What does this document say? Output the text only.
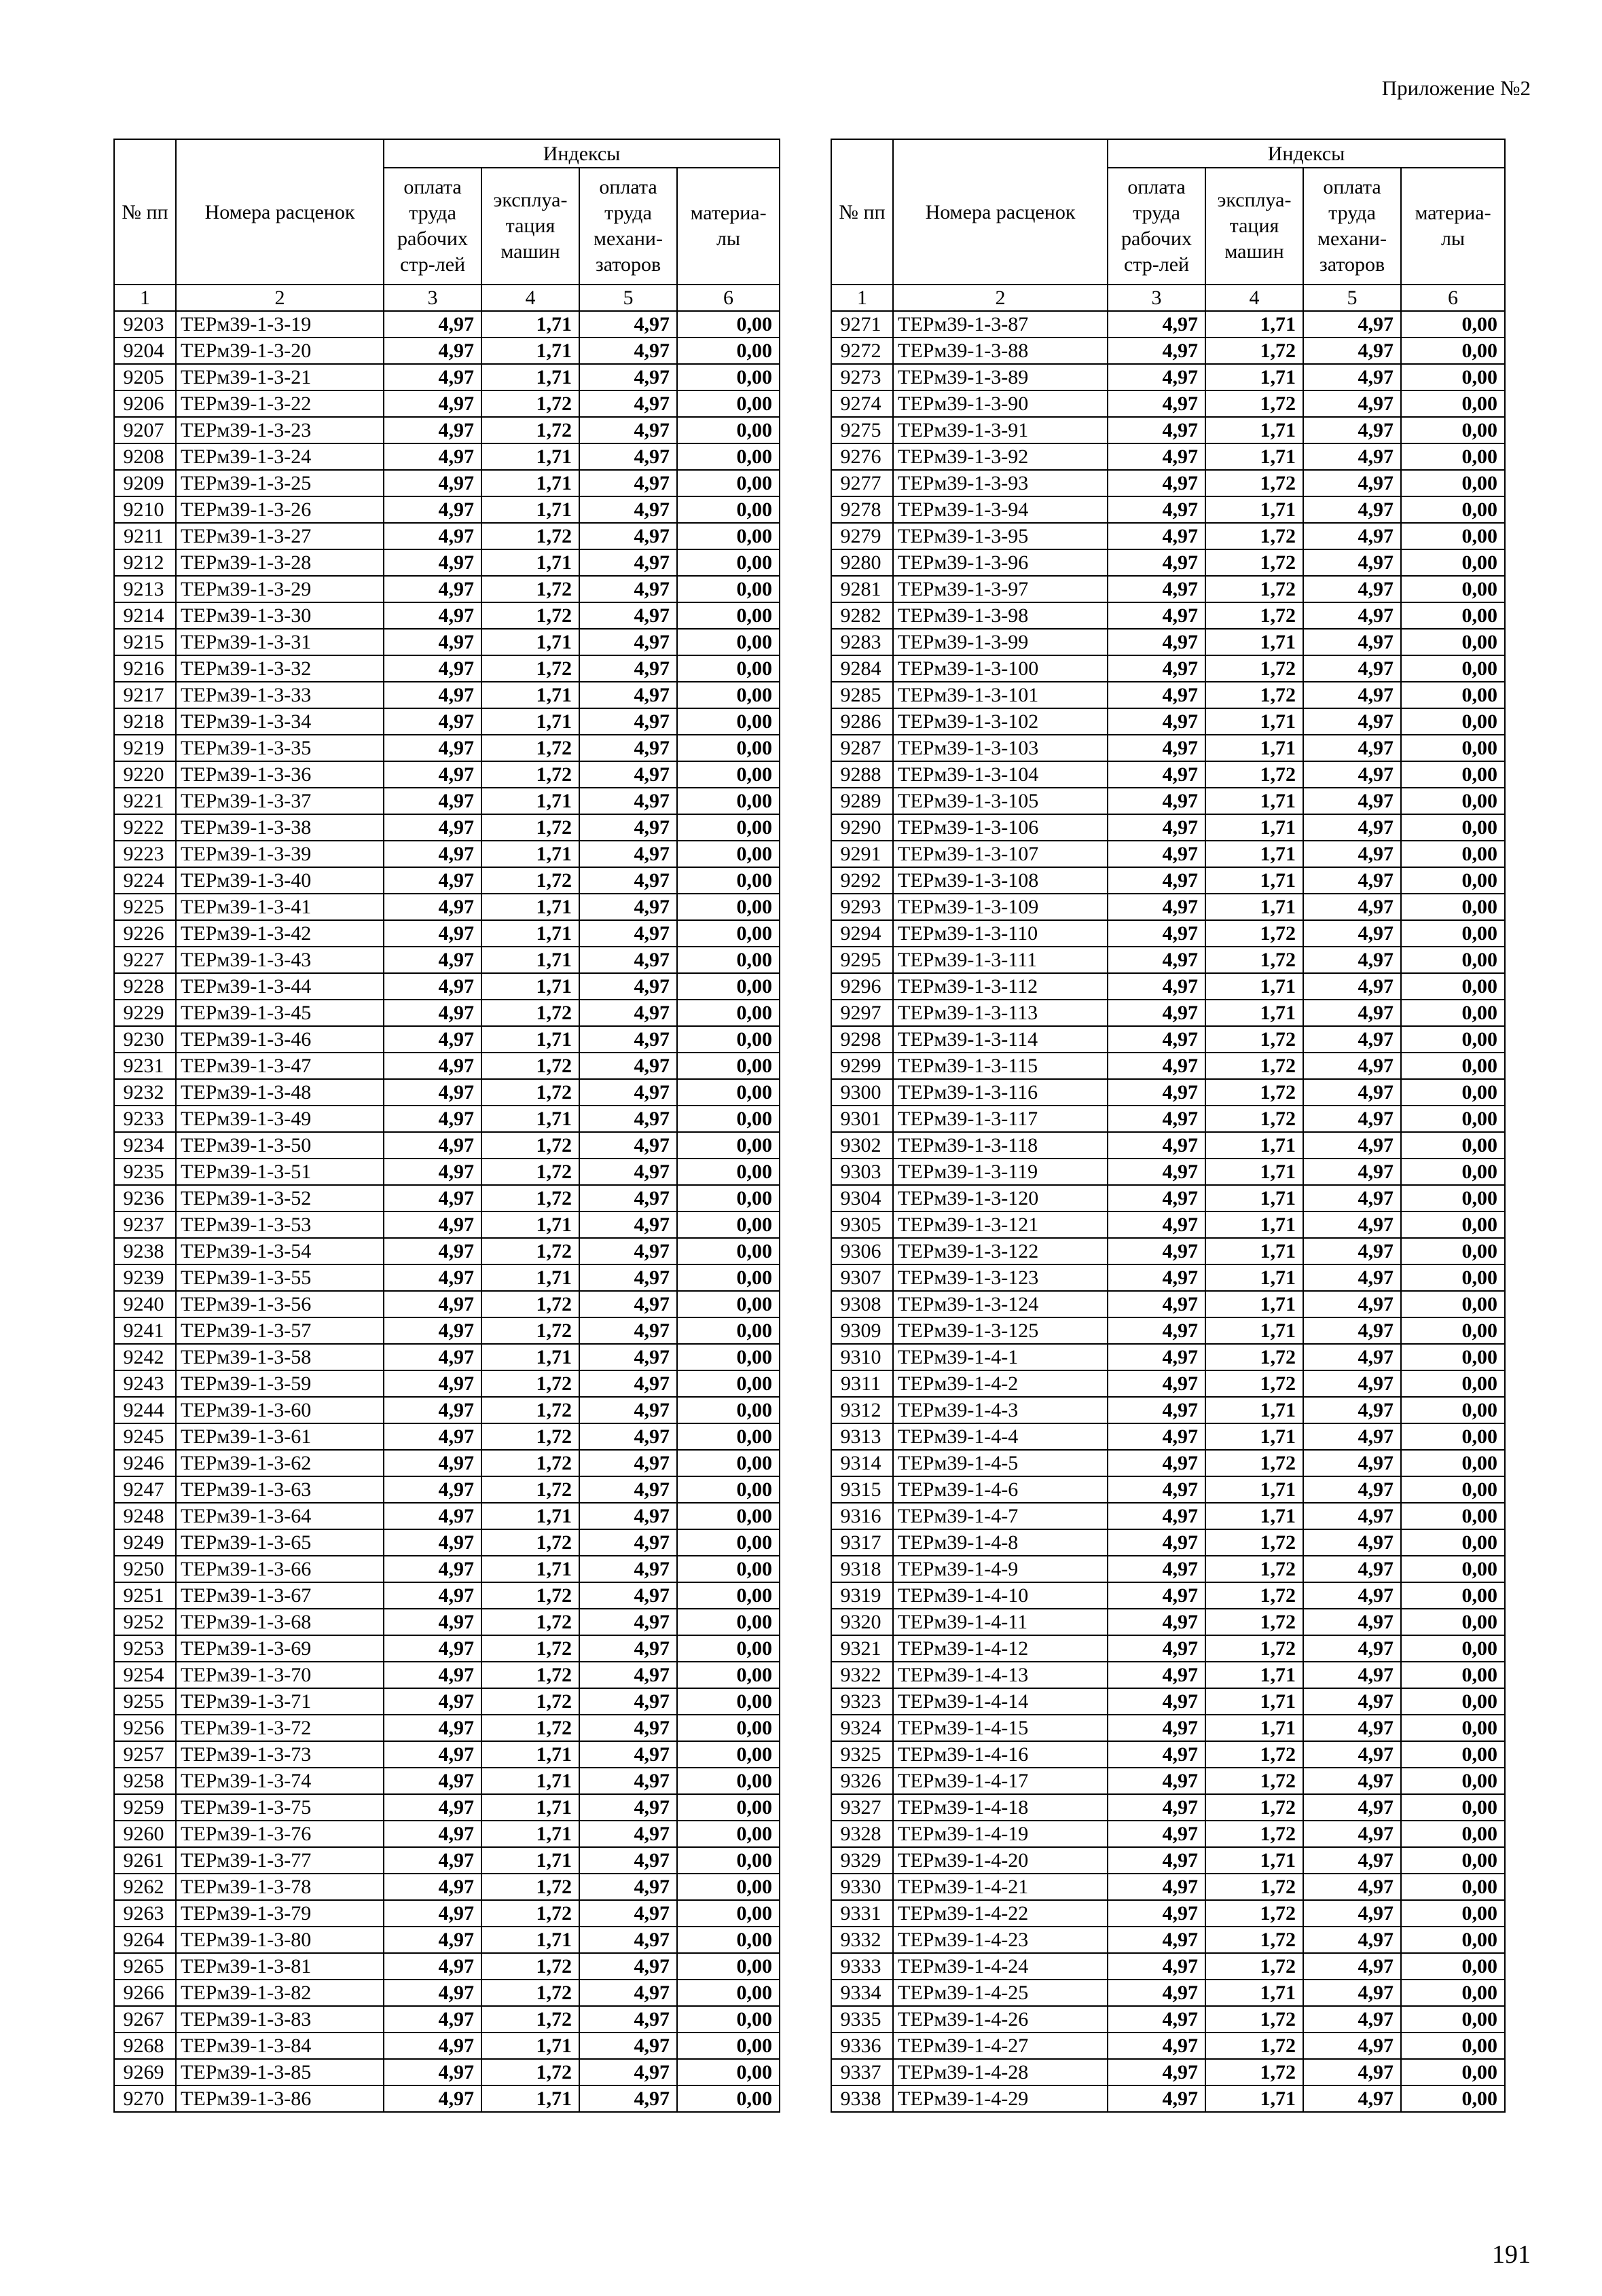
Приложение №2
№ пп	Номера расценок	Индексы			
		оплата труда рабочих стр-лей	эксплуа-тация машин	оплата труда механи-заторов	материа-лы
1	2	3	4	5	6
9203	ТЕРм39-1-3-19	4,97	1,71	4,97	0,00
9204	ТЕРм39-1-3-20	4,97	1,71	4,97	0,00
9205	ТЕРм39-1-3-21	4,97	1,71	4,97	0,00
9206	ТЕРм39-1-3-22	4,97	1,72	4,97	0,00
9207	ТЕРм39-1-3-23	4,97	1,72	4,97	0,00
9208	ТЕРм39-1-3-24	4,97	1,71	4,97	0,00
9209	ТЕРм39-1-3-25	4,97	1,71	4,97	0,00
9210	ТЕРм39-1-3-26	4,97	1,71	4,97	0,00
9211	ТЕРм39-1-3-27	4,97	1,72	4,97	0,00
9212	ТЕРм39-1-3-28	4,97	1,71	4,97	0,00
9213	ТЕРм39-1-3-29	4,97	1,72	4,97	0,00
9214	ТЕРм39-1-3-30	4,97	1,72	4,97	0,00
9215	ТЕРм39-1-3-31	4,97	1,71	4,97	0,00
9216	ТЕРм39-1-3-32	4,97	1,72	4,97	0,00
9217	ТЕРм39-1-3-33	4,97	1,71	4,97	0,00
9218	ТЕРм39-1-3-34	4,97	1,71	4,97	0,00
9219	ТЕРм39-1-3-35	4,97	1,72	4,97	0,00
9220	ТЕРм39-1-3-36	4,97	1,72	4,97	0,00
9221	ТЕРм39-1-3-37	4,97	1,71	4,97	0,00
9222	ТЕРм39-1-3-38	4,97	1,72	4,97	0,00
9223	ТЕРм39-1-3-39	4,97	1,71	4,97	0,00
9224	ТЕРм39-1-3-40	4,97	1,72	4,97	0,00
9225	ТЕРм39-1-3-41	4,97	1,71	4,97	0,00
9226	ТЕРм39-1-3-42	4,97	1,71	4,97	0,00
9227	ТЕРм39-1-3-43	4,97	1,71	4,97	0,00
9228	ТЕРм39-1-3-44	4,97	1,71	4,97	0,00
9229	ТЕРм39-1-3-45	4,97	1,72	4,97	0,00
9230	ТЕРм39-1-3-46	4,97	1,71	4,97	0,00
9231	ТЕРм39-1-3-47	4,97	1,72	4,97	0,00
9232	ТЕРм39-1-3-48	4,97	1,72	4,97	0,00
9233	ТЕРм39-1-3-49	4,97	1,71	4,97	0,00
9234	ТЕРм39-1-3-50	4,97	1,72	4,97	0,00
9235	ТЕРм39-1-3-51	4,97	1,72	4,97	0,00
9236	ТЕРм39-1-3-52	4,97	1,72	4,97	0,00
9237	ТЕРм39-1-3-53	4,97	1,71	4,97	0,00
9238	ТЕРм39-1-3-54	4,97	1,72	4,97	0,00
9239	ТЕРм39-1-3-55	4,97	1,71	4,97	0,00
9240	ТЕРм39-1-3-56	4,97	1,72	4,97	0,00
9241	ТЕРм39-1-3-57	4,97	1,72	4,97	0,00
9242	ТЕРм39-1-3-58	4,97	1,71	4,97	0,00
9243	ТЕРм39-1-3-59	4,97	1,72	4,97	0,00
9244	ТЕРм39-1-3-60	4,97	1,72	4,97	0,00
9245	ТЕРм39-1-3-61	4,97	1,72	4,97	0,00
9246	ТЕРм39-1-3-62	4,97	1,72	4,97	0,00
9247	ТЕРм39-1-3-63	4,97	1,72	4,97	0,00
9248	ТЕРм39-1-3-64	4,97	1,71	4,97	0,00
9249	ТЕРм39-1-3-65	4,97	1,72	4,97	0,00
9250	ТЕРм39-1-3-66	4,97	1,71	4,97	0,00
9251	ТЕРм39-1-3-67	4,97	1,72	4,97	0,00
9252	ТЕРм39-1-3-68	4,97	1,72	4,97	0,00
9253	ТЕРм39-1-3-69	4,97	1,72	4,97	0,00
9254	ТЕРм39-1-3-70	4,97	1,72	4,97	0,00
9255	ТЕРм39-1-3-71	4,97	1,72	4,97	0,00
9256	ТЕРм39-1-3-72	4,97	1,72	4,97	0,00
9257	ТЕРм39-1-3-73	4,97	1,71	4,97	0,00
9258	ТЕРм39-1-3-74	4,97	1,71	4,97	0,00
9259	ТЕРм39-1-3-75	4,97	1,71	4,97	0,00
9260	ТЕРм39-1-3-76	4,97	1,71	4,97	0,00
9261	ТЕРм39-1-3-77	4,97	1,71	4,97	0,00
9262	ТЕРм39-1-3-78	4,97	1,72	4,97	0,00
9263	ТЕРм39-1-3-79	4,97	1,72	4,97	0,00
9264	ТЕРм39-1-3-80	4,97	1,71	4,97	0,00
9265	ТЕРм39-1-3-81	4,97	1,72	4,97	0,00
9266	ТЕРм39-1-3-82	4,97	1,72	4,97	0,00
9267	ТЕРм39-1-3-83	4,97	1,72	4,97	0,00
9268	ТЕРм39-1-3-84	4,97	1,71	4,97	0,00
9269	ТЕРм39-1-3-85	4,97	1,72	4,97	0,00
9270	ТЕРм39-1-3-86	4,97	1,71	4,97	0,00
№ пп	Номера расценок	Индексы			
		оплата труда рабочих стр-лей	эксплуа-тация машин	оплата труда механи-заторов	материа-лы
1	2	3	4	5	6
9271	ТЕРм39-1-3-87	4,97	1,71	4,97	0,00
9272	ТЕРм39-1-3-88	4,97	1,72	4,97	0,00
9273	ТЕРм39-1-3-89	4,97	1,71	4,97	0,00
9274	ТЕРм39-1-3-90	4,97	1,72	4,97	0,00
9275	ТЕРм39-1-3-91	4,97	1,71	4,97	0,00
9276	ТЕРм39-1-3-92	4,97	1,71	4,97	0,00
9277	ТЕРм39-1-3-93	4,97	1,72	4,97	0,00
9278	ТЕРм39-1-3-94	4,97	1,71	4,97	0,00
9279	ТЕРм39-1-3-95	4,97	1,72	4,97	0,00
9280	ТЕРм39-1-3-96	4,97	1,72	4,97	0,00
9281	ТЕРм39-1-3-97	4,97	1,72	4,97	0,00
9282	ТЕРм39-1-3-98	4,97	1,72	4,97	0,00
9283	ТЕРм39-1-3-99	4,97	1,71	4,97	0,00
9284	ТЕРм39-1-3-100	4,97	1,72	4,97	0,00
9285	ТЕРм39-1-3-101	4,97	1,72	4,97	0,00
9286	ТЕРм39-1-3-102	4,97	1,71	4,97	0,00
9287	ТЕРм39-1-3-103	4,97	1,71	4,97	0,00
9288	ТЕРм39-1-3-104	4,97	1,72	4,97	0,00
9289	ТЕРм39-1-3-105	4,97	1,71	4,97	0,00
9290	ТЕРм39-1-3-106	4,97	1,71	4,97	0,00
9291	ТЕРм39-1-3-107	4,97	1,71	4,97	0,00
9292	ТЕРм39-1-3-108	4,97	1,71	4,97	0,00
9293	ТЕРм39-1-3-109	4,97	1,71	4,97	0,00
9294	ТЕРм39-1-3-110	4,97	1,72	4,97	0,00
9295	ТЕРм39-1-3-111	4,97	1,72	4,97	0,00
9296	ТЕРм39-1-3-112	4,97	1,71	4,97	0,00
9297	ТЕРм39-1-3-113	4,97	1,71	4,97	0,00
9298	ТЕРм39-1-3-114	4,97	1,72	4,97	0,00
9299	ТЕРм39-1-3-115	4,97	1,72	4,97	0,00
9300	ТЕРм39-1-3-116	4,97	1,72	4,97	0,00
9301	ТЕРм39-1-3-117	4,97	1,72	4,97	0,00
9302	ТЕРм39-1-3-118	4,97	1,71	4,97	0,00
9303	ТЕРм39-1-3-119	4,97	1,71	4,97	0,00
9304	ТЕРм39-1-3-120	4,97	1,71	4,97	0,00
9305	ТЕРм39-1-3-121	4,97	1,71	4,97	0,00
9306	ТЕРм39-1-3-122	4,97	1,71	4,97	0,00
9307	ТЕРм39-1-3-123	4,97	1,71	4,97	0,00
9308	ТЕРм39-1-3-124	4,97	1,71	4,97	0,00
9309	ТЕРм39-1-3-125	4,97	1,71	4,97	0,00
9310	ТЕРм39-1-4-1	4,97	1,72	4,97	0,00
9311	ТЕРм39-1-4-2	4,97	1,72	4,97	0,00
9312	ТЕРм39-1-4-3	4,97	1,71	4,97	0,00
9313	ТЕРм39-1-4-4	4,97	1,71	4,97	0,00
9314	ТЕРм39-1-4-5	4,97	1,72	4,97	0,00
9315	ТЕРм39-1-4-6	4,97	1,71	4,97	0,00
9316	ТЕРм39-1-4-7	4,97	1,71	4,97	0,00
9317	ТЕРм39-1-4-8	4,97	1,72	4,97	0,00
9318	ТЕРм39-1-4-9	4,97	1,72	4,97	0,00
9319	ТЕРм39-1-4-10	4,97	1,72	4,97	0,00
9320	ТЕРм39-1-4-11	4,97	1,72	4,97	0,00
9321	ТЕРм39-1-4-12	4,97	1,72	4,97	0,00
9322	ТЕРм39-1-4-13	4,97	1,71	4,97	0,00
9323	ТЕРм39-1-4-14	4,97	1,71	4,97	0,00
9324	ТЕРм39-1-4-15	4,97	1,71	4,97	0,00
9325	ТЕРм39-1-4-16	4,97	1,72	4,97	0,00
9326	ТЕРм39-1-4-17	4,97	1,72	4,97	0,00
9327	ТЕРм39-1-4-18	4,97	1,72	4,97	0,00
9328	ТЕРм39-1-4-19	4,97	1,72	4,97	0,00
9329	ТЕРм39-1-4-20	4,97	1,71	4,97	0,00
9330	ТЕРм39-1-4-21	4,97	1,72	4,97	0,00
9331	ТЕРм39-1-4-22	4,97	1,72	4,97	0,00
9332	ТЕРм39-1-4-23	4,97	1,72	4,97	0,00
9333	ТЕРм39-1-4-24	4,97	1,72	4,97	0,00
9334	ТЕРм39-1-4-25	4,97	1,71	4,97	0,00
9335	ТЕРм39-1-4-26	4,97	1,72	4,97	0,00
9336	ТЕРм39-1-4-27	4,97	1,72	4,97	0,00
9337	ТЕРм39-1-4-28	4,97	1,72	4,97	0,00
9338	ТЕРм39-1-4-29	4,97	1,71	4,97	0,00
191
